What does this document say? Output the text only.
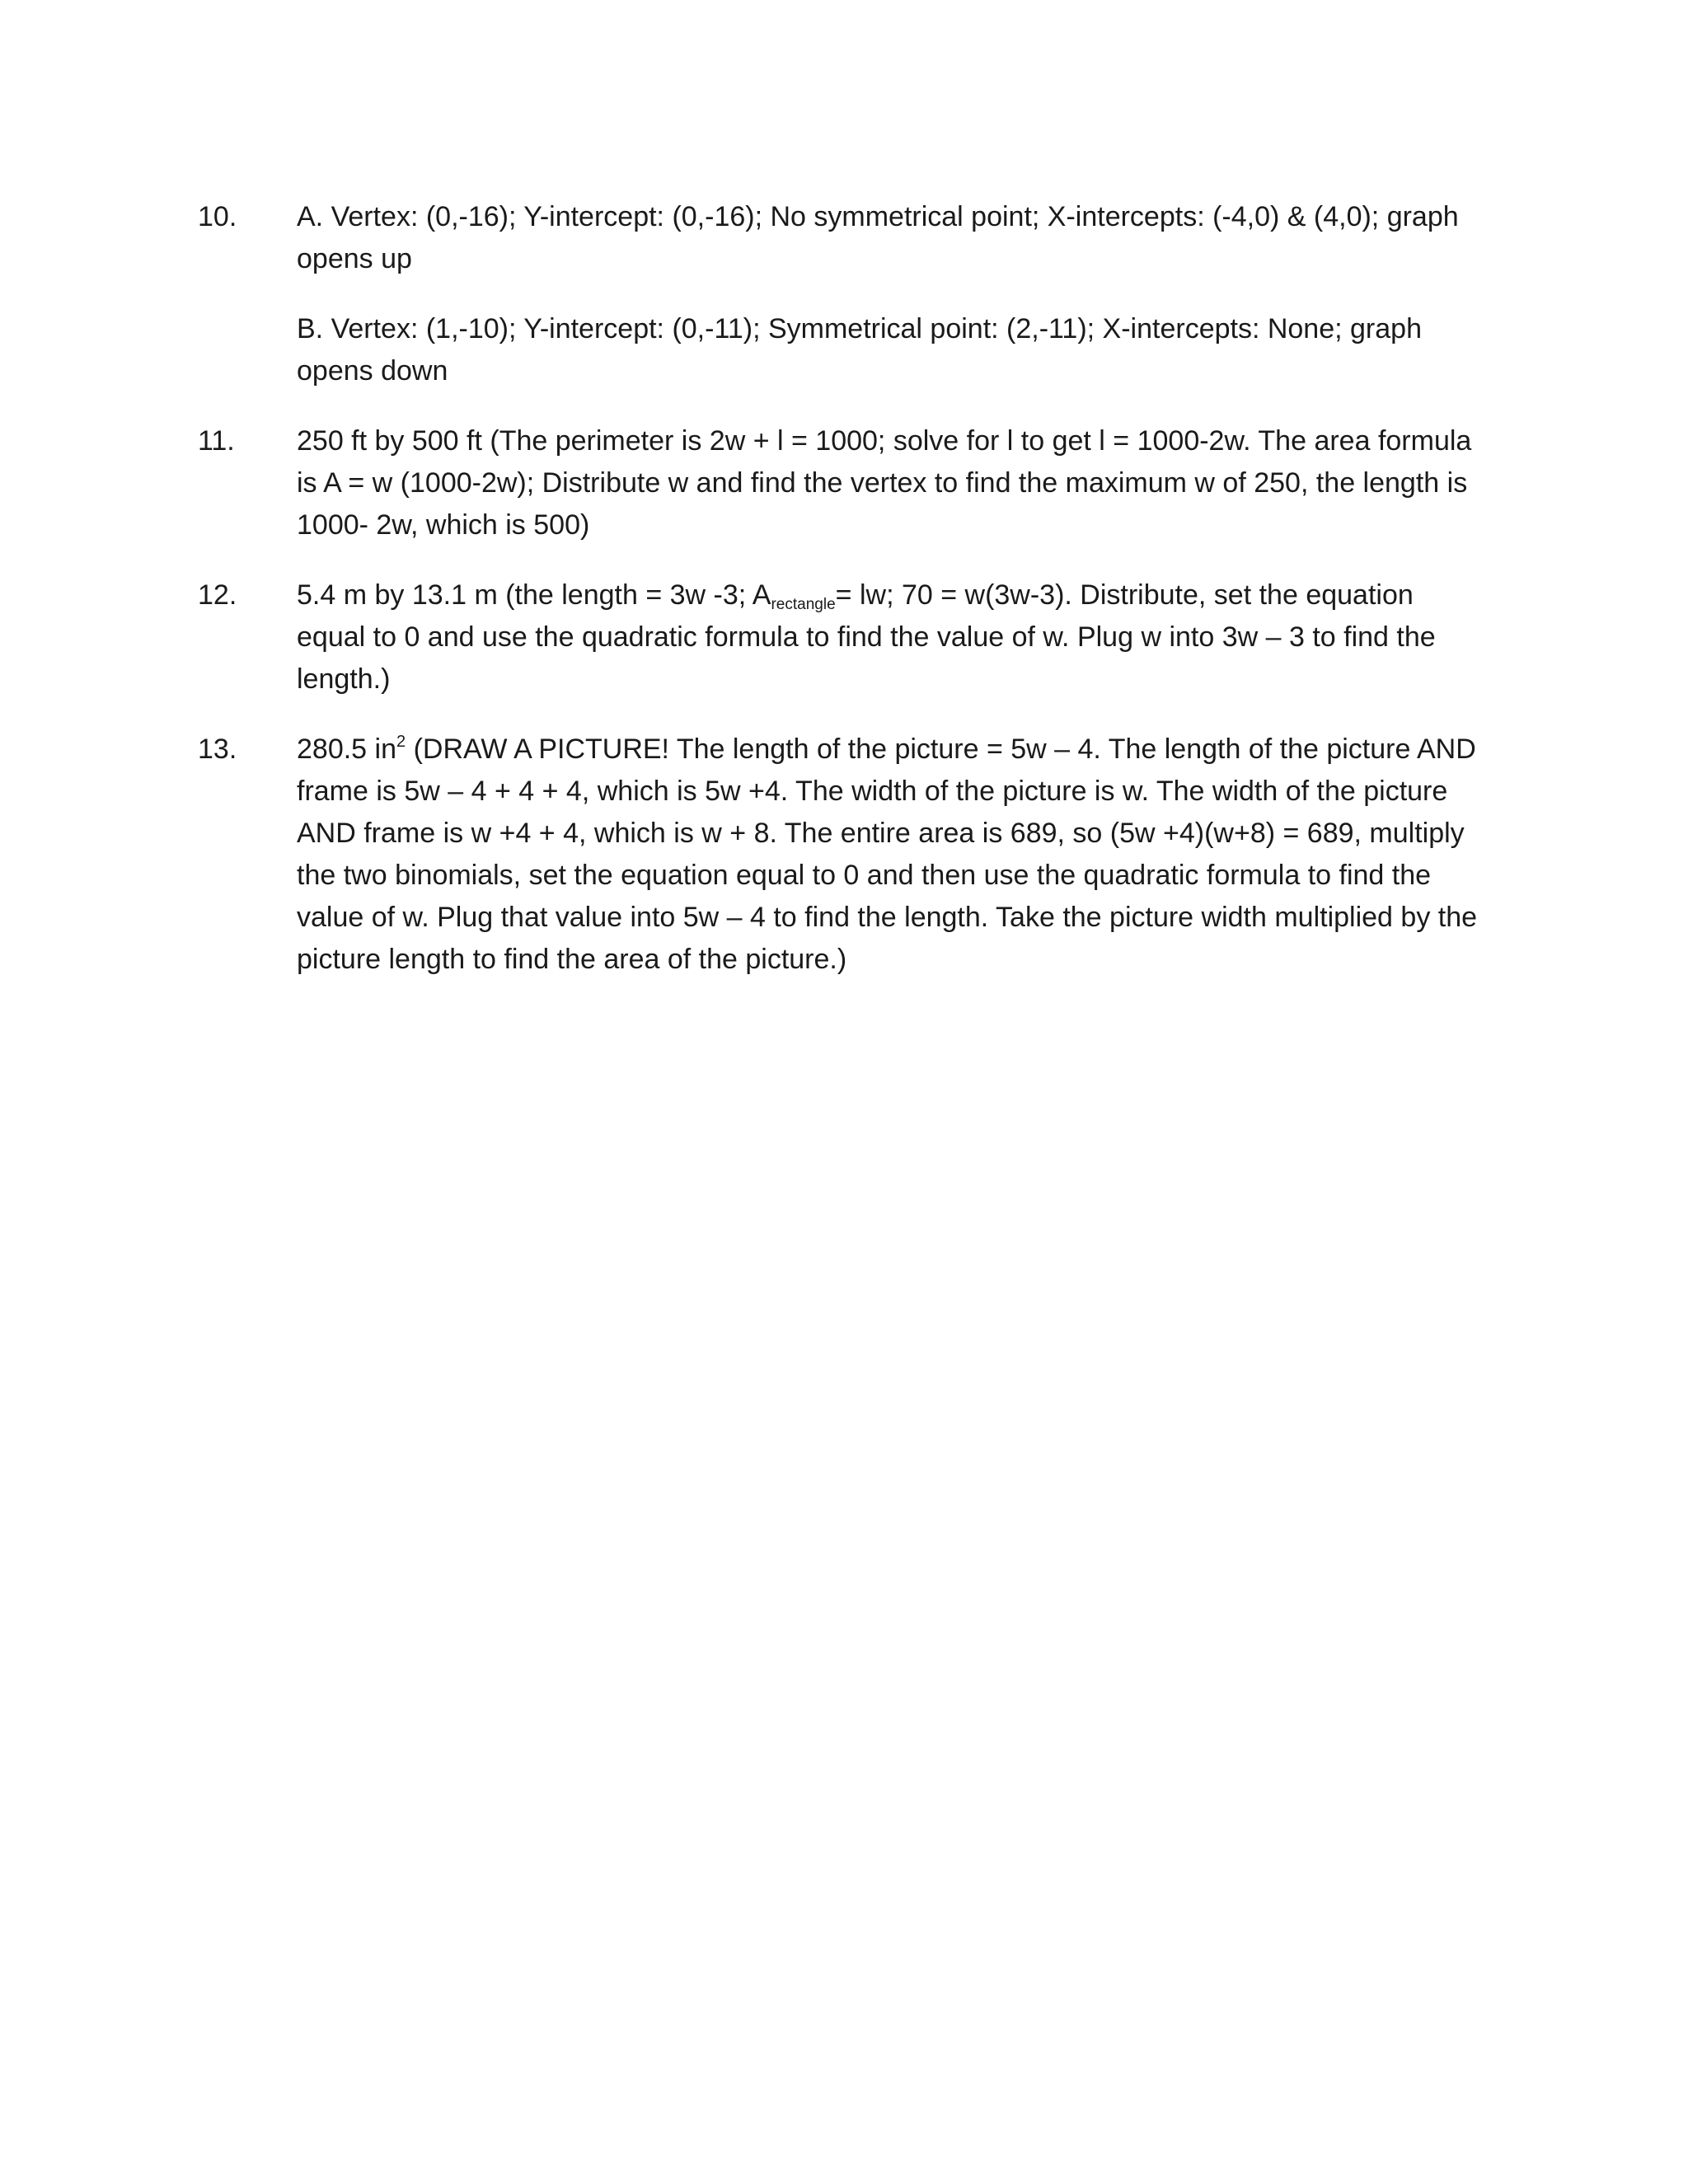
10.	A. Vertex: (0,-16); Y-intercept: (0,-16); No symmetrical point; X-intercepts: (-4,0) & (4,0); graph opens up

B. Vertex: (1,-10); Y-intercept: (0,-11); Symmetrical point: (2,-11); X-intercepts: None; graph opens down

11.	250 ft by 500 ft (The perimeter is 2w + l = 1000; solve for l to get l = 1000-2w. The area formula is A = w (1000-2w); Distribute w and find the vertex to find the maximum w of 250, the length is 1000- 2w, which is 500)

12.	5.4 m by 13.1 m (the length = 3w -3; $A_{rectangle}=$ lw; 70 = w(3w-3). Distribute, set the equation equal to 0 and use the quadratic formula to find the value of w. Plug w into 3w – 3 to find the length.)

13.	280.5 $in^2$ (DRAW A PICTURE! The length of the picture = 5w – 4. The length of the picture AND frame is 5w – 4 + 4 + 4, which is 5w +4. The width of the picture is w. The width of the picture AND frame is w +4 + 4, which is w + 8. The entire area is 689, so (5w +4)(w+8) = 689, multiply the two binomials, set the equation equal to 0 and then use the quadratic formula to find the value of w. Plug that value into 5w – 4 to find the length. Take the picture width multiplied by the picture length to find the area of the picture.)
